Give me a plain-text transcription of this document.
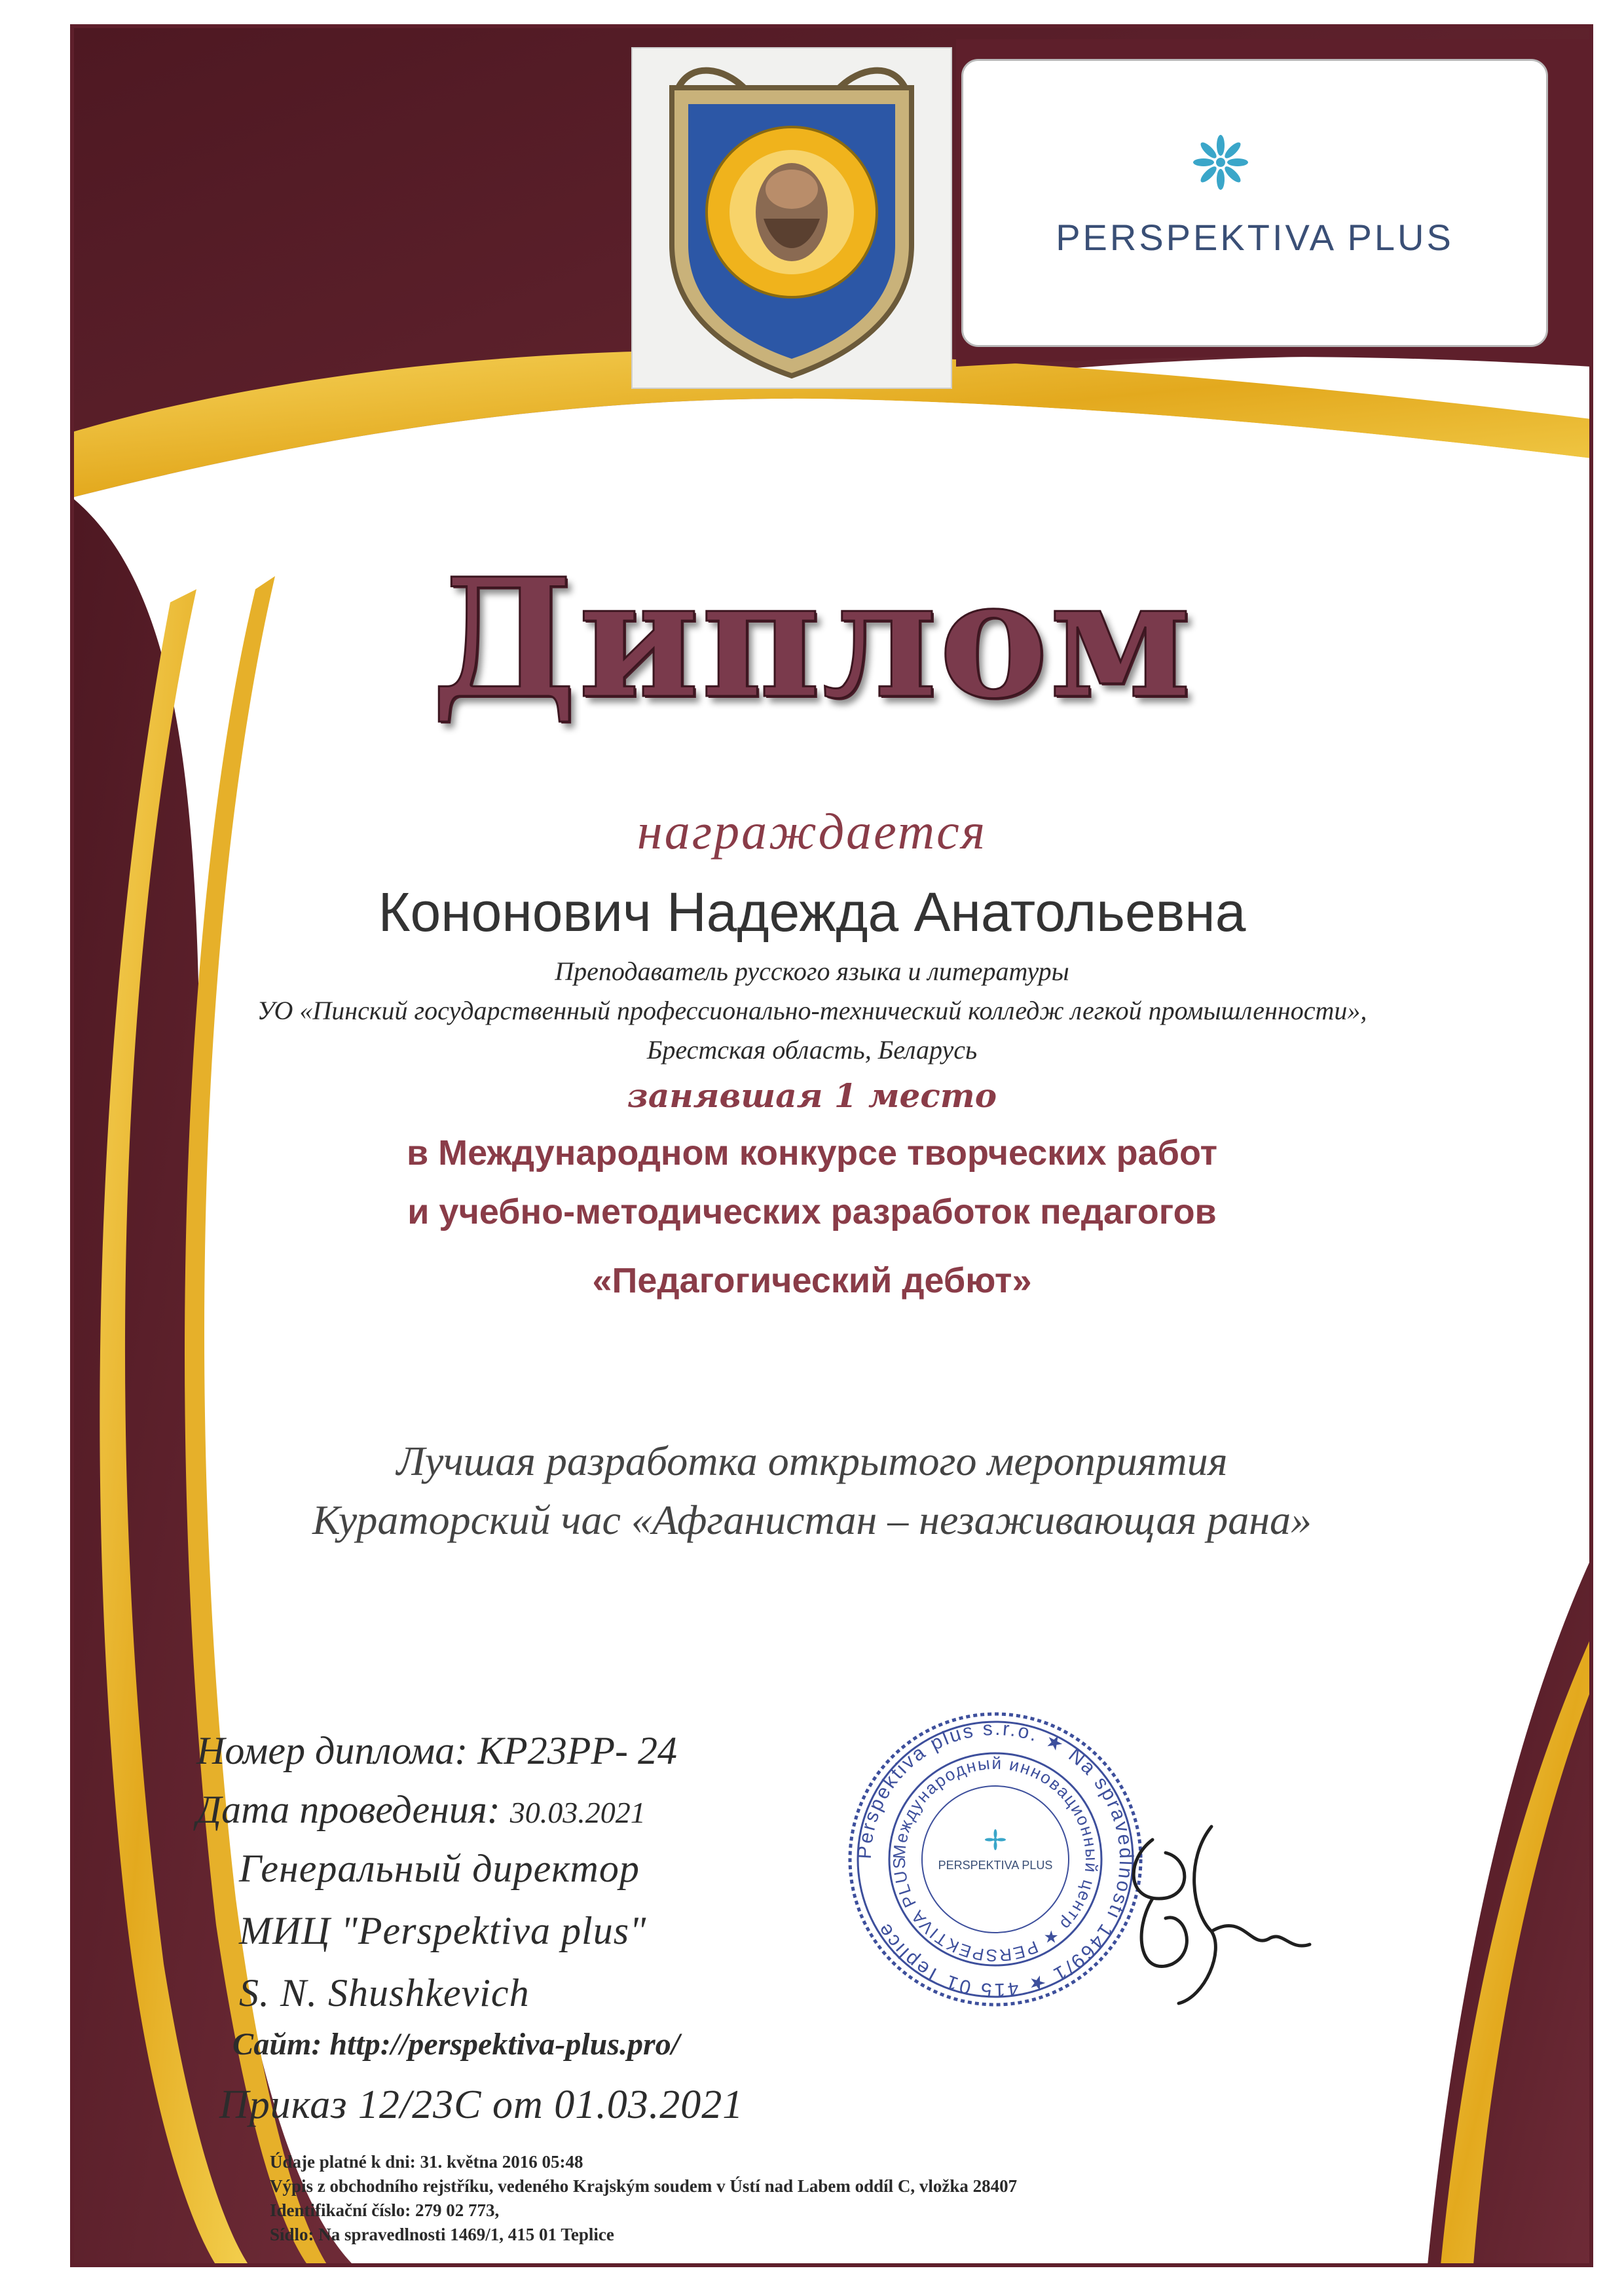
PERSPEKTIVA PLUS
Диплом
награждается
Кононович Надежда Анатольевна
Преподаватель русского языка и литературы
УО «Пинский государственный профессионально-технический колледж легкой промышленности»,
Брестская область, Беларусь
занявшая 1 место
в Международном конкурсе творческих работ
и учебно-методических разработок педагогов
«Педагогический дебют»
Лучшая разработка открытого мероприятия
Кураторский час «Афганистан – незаживающая рана»
Номер диплома: КР23РР- 24
Дата проведения: 30.03.2021
Генеральный директор
МИЦ "Perspektiva plus"
S. N. Shushkevich
Сайт: http://perspektiva-plus.pro/
Приказ 12/23С от 01.03.2021
Údaje platné k dni: 31. května 2016 05:48
Výpis z obchodního rejstříku, vedeného Krajským soudem v Ústí nad Labem oddíl C, vložka 28407
Identifikační číslo: 279 02 773,
Sídlo: Na spravedlnosti 1469/1, 415 01 Teplice
Perspektiva plus s.r.o. ★ Na spravedlnosti 1469/1 ★ 415 01 Teplice
Международный инновационный центр ★ PERSPEKTIVA PLUS	PERSPEKTIVA PLUS
